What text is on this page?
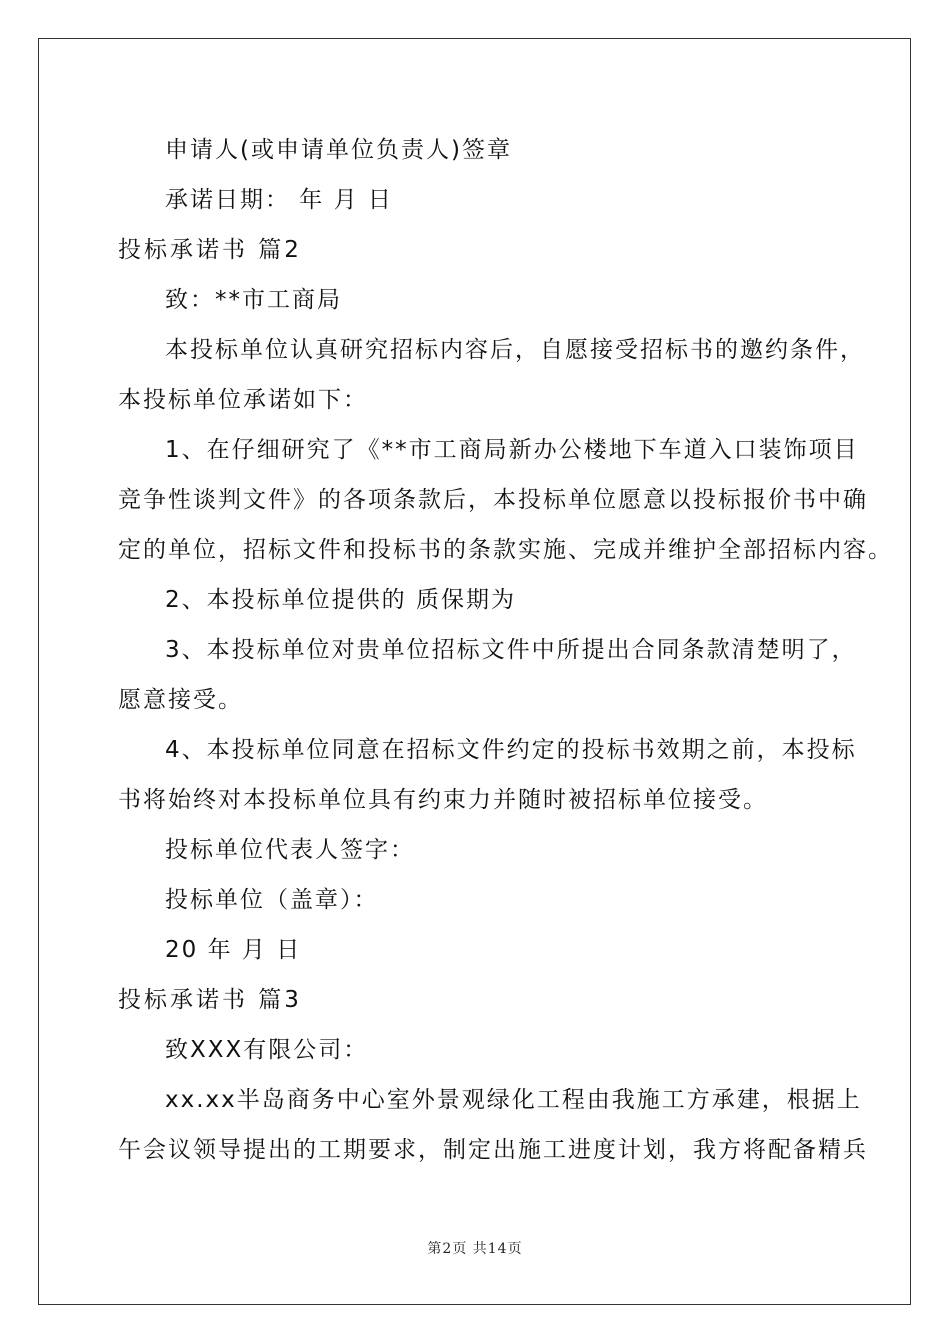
申请人(或申请单位负责人)签章
承诺日期： 年 月 日
投标承诺书 篇2
致：**市工商局
本投标单位认真研究招标内容后，自愿接受招标书的邀约条件，
本投标单位承诺如下：
1、在仔细研究了《**市工商局新办公楼地下车道入口装饰项目
竞争性谈判文件》的各项条款后，本投标单位愿意以投标报价书中确
定的单位，招标文件和投标书的条款实施、完成并维护全部招标内容。
2、本投标单位提供的 质保期为
3、本投标单位对贵单位招标文件中所提出合同条款清楚明了，
愿意接受。
4、本投标单位同意在招标文件约定的投标书效期之前，本投标
书将始终对本投标单位具有约束力并随时被招标单位接受。
投标单位代表人签字：
投标单位（盖章）：
20 年 月 日
投标承诺书 篇3
致XXX有限公司：
xx.xx半岛商务中心室外景观绿化工程由我施工方承建，根据上
午会议领导提出的工期要求，制定出施工进度计划，我方将配备精兵
第2页 共14页
